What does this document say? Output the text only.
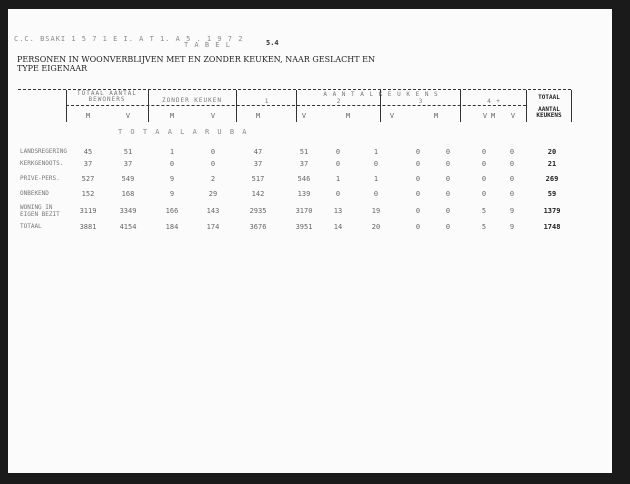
C.C. BSAKI 1 5 7 1 E I. A T 1. A 5 . 1 9 7 2
T A B E L	5.4
PERSONEN IN WOONVERBLIJVEN MET EN ZONDER KEUKEN, NAAR GESLACHT EN
TYPE EIGENAAR
TOTAAL AANTAL BEWONERS	ZONDER KEUKEN
A A N T A L K E U K E N S
1	2	3	4 +
TOTAAL
AANTAL KEUKENS
M	V	M	V	M	V	M	V	M	V M	V
T O T A A L A R U B A
LANDSREGERING	45	51	1	0	47	51	0	1	0	0	0	0	20
KERKGENOOTS.	37	37	0	0	37	37	0	0	0	0	0	0	21
PRIVE-PERS.	527	549	9	2	517	546	1	1	0	0	0	0	269
ONBEKEND	152	168	9	29	142	139	0	0	0	0	0	0	59
WONING IN EIGEN BEZIT	3119	3349	166	143	2935	3170	13	19	0	0	5	9	1379
TOTAAL	3881	4154	184	174	3676	3951	14	20	0	0	5	9	1748
